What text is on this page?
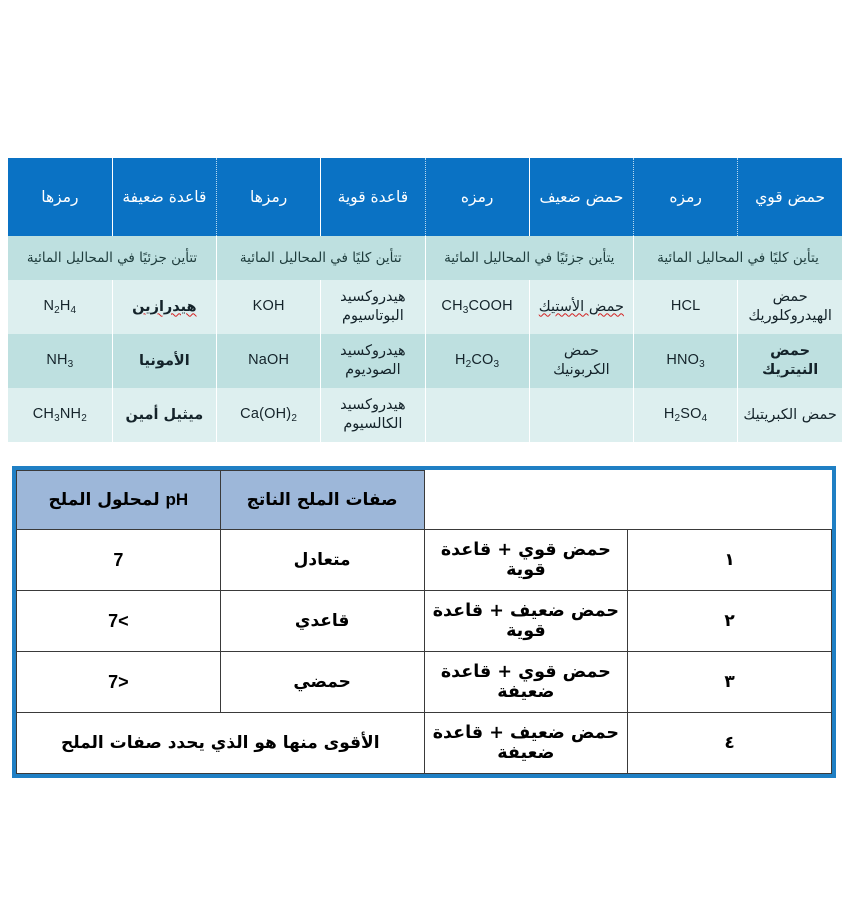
حمض قوي	رمزه	حمض ضعيف	رمزه	قاعدة قوية	رمزها	قاعدة ضعيفة	رمزها
يتأين كليًا في المحاليل المائية		يتأين جزئيًا في المحاليل المائية		تتأين كليًا في المحاليل المائية		تتأين جزئيًا في المحاليل المائية	
حمض الهيدروكلوريك	HCL	حمض الأستيك	$CH_3COOH$	هيدروكسيد البوتاسيوم	KOH	هيدرازين	$N_2H_4$
حمض النيتريك	$HNO_3$	حمض الكربونيك	$H_2CO_3$	هيدروكسيد الصوديوم	NaOH	الأمونيا	$NH_3$
حمض الكبريتيك	$H_2SO_4$			هيدروكسيد الكالسيوم	$Ca(OH)_2$	ميثيل أمين	$CH_3NH_2$
		صفات الملح الناتج	pH لمحلول الملح
١	حمض قوي + قاعدة قوية	متعادل	7
٢	حمض ضعيف + قاعدة قوية	قاعدي	7<
٣	حمض قوي + قاعدة ضعيفة	حمضي	7>
٤	حمض ضعيف + قاعدة ضعيفة	الأقوى منها هو الذي يحدد صفات الملح	
